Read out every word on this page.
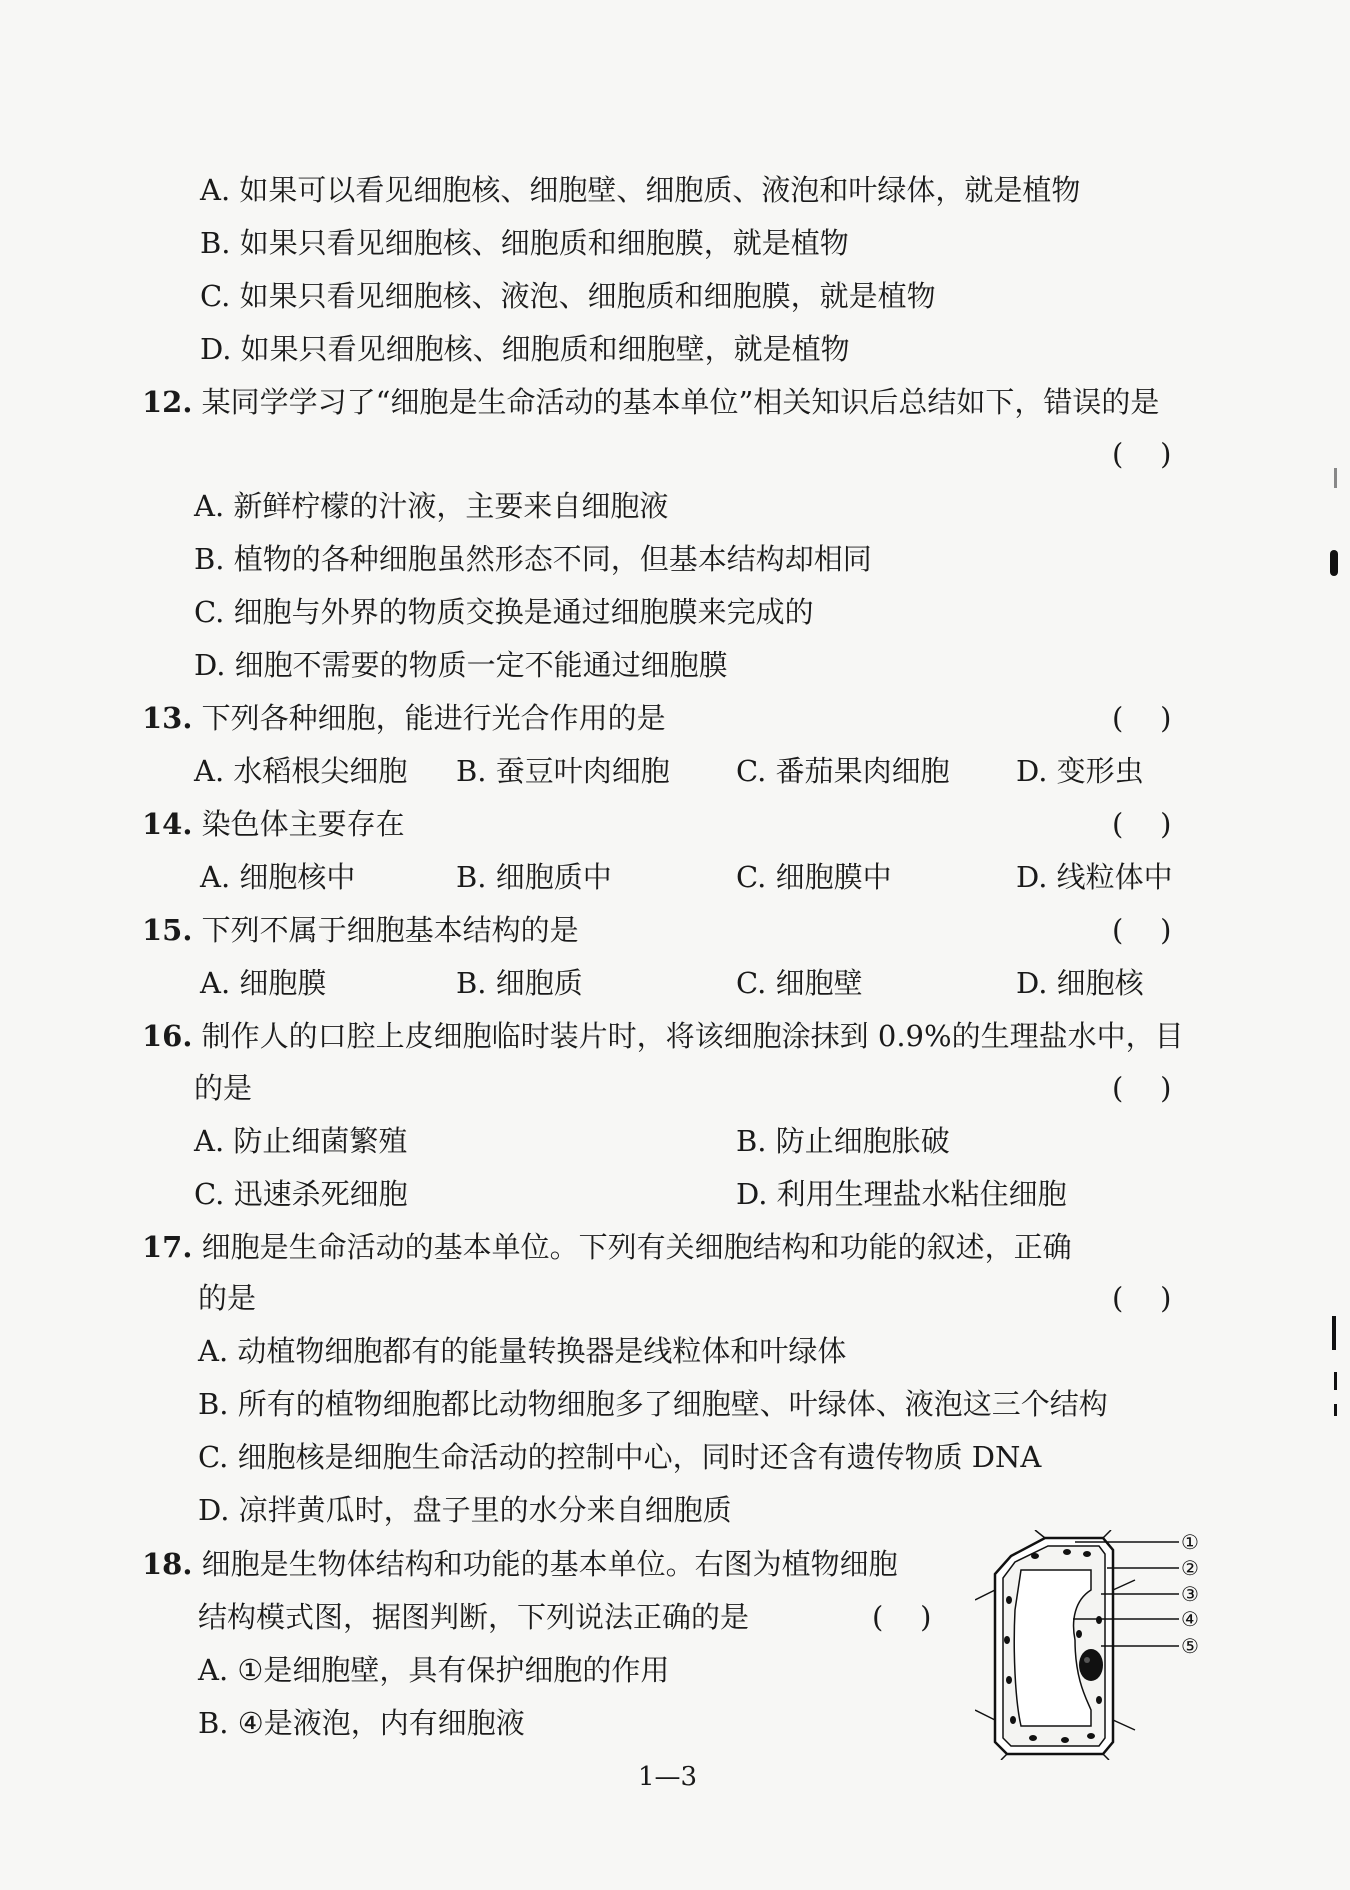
A. 如果可以看见细胞核、细胞壁、细胞质、液泡和叶绿体，就是植物
B. 如果只看见细胞核、细胞质和细胞膜，就是植物
C. 如果只看见细胞核、液泡、细胞质和细胞膜，就是植物
D. 如果只看见细胞核、细胞质和细胞壁，就是植物
12. 某同学学习了“细胞是生命活动的基本单位”相关知识后总结如下，错误的是
(    )
A. 新鲜柠檬的汁液，主要来自细胞液
B. 植物的各种细胞虽然形态不同，但基本结构却相同
C. 细胞与外界的物质交换是通过细胞膜来完成的
D. 细胞不需要的物质一定不能通过细胞膜
13. 下列各种细胞，能进行光合作用的是	(    )
A. 水稻根尖细胞 B. 蚕豆叶肉细胞 C. 番茄果肉细胞 D. 变形虫
14. 染色体主要存在	(    )
A. 细胞核中	B. 细胞质中	C. 细胞膜中	D. 线粒体中
15. 下列不属于细胞基本结构的是	(    )
A. 细胞膜	B. 细胞质	C. 细胞壁	D. 细胞核
16. 制作人的口腔上皮细胞临时装片时，将该细胞涂抹到 0.9%的生理盐水中，目
的是	(    )
A. 防止细菌繁殖	B. 防止细胞胀破
C. 迅速杀死细胞	D. 利用生理盐水粘住细胞
17. 细胞是生命活动的基本单位。下列有关细胞结构和功能的叙述，正确
的是	(    )
A. 动植物细胞都有的能量转换器是线粒体和叶绿体
B. 所有的植物细胞都比动物细胞多了细胞壁、叶绿体、液泡这三个结构
C. 细胞核是细胞生命活动的控制中心，同时还含有遗传物质 DNA
D. 凉拌黄瓜时，盘子里的水分来自细胞质
18. 细胞是生物体结构和功能的基本单位。右图为植物细胞
结构模式图，据图判断，下列说法正确的是	(    )
A. ①是细胞壁，具有保护细胞的作用
B. ④是液泡，内有细胞液
①
②
③
④
⑤
1—3
